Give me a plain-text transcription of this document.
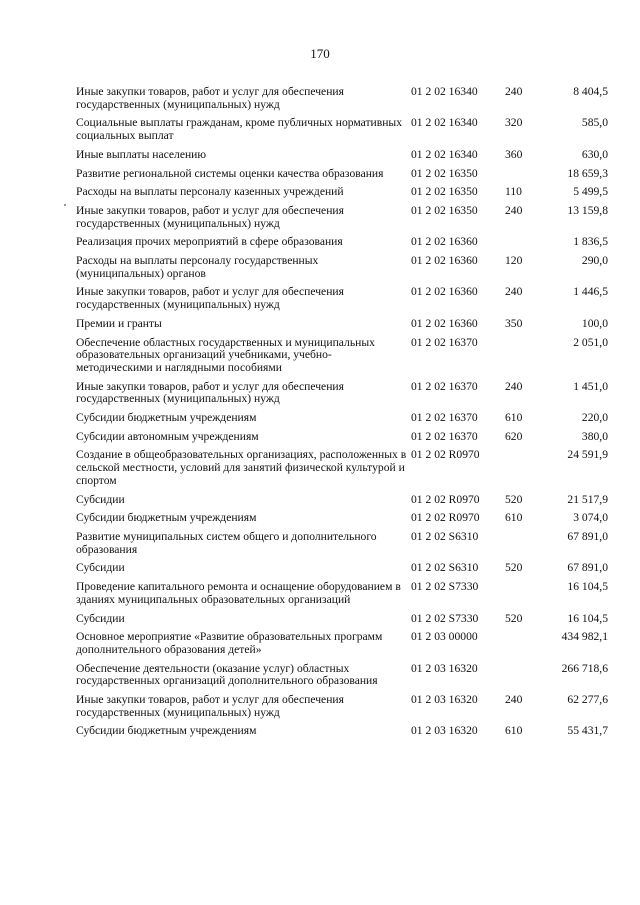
170
Иные закупки товаров, работ и услуг для обеспечения государственных (муниципальных) нужд	01 2 02 16340	240	8 404,5
Социальные выплаты гражданам, кроме публичных нормативных социальных выплат	01 2 02 16340	320	585,0
Иные выплаты населению	01 2 02 16340	360	630,0
Развитие региональной системы оценки качества образования	01 2 02 16350		18 659,3
Расходы на выплаты персоналу казенных учреждений	01 2 02 16350	110	5 499,5
Иные закупки товаров, работ и услуг для обеспечения государственных (муниципальных) нужд	01 2 02 16350	240	13 159,8
Реализация прочих мероприятий в сфере образования	01 2 02 16360		1 836,5
Расходы на выплаты персоналу государственных (муниципальных) органов	01 2 02 16360	120	290,0
Иные закупки товаров, работ и услуг для обеспечения государственных (муниципальных) нужд	01 2 02 16360	240	1 446,5
Премии и гранты	01 2 02 16360	350	100,0
Обеспечение областных государственных и муниципальных образовательных организаций учебниками, учебно-методическими и наглядными пособиями	01 2 02 16370		2 051,0
Иные закупки товаров, работ и услуг для обеспечения государственных (муниципальных) нужд	01 2 02 16370	240	1 451,0
Субсидии бюджетным учреждениям	01 2 02 16370	610	220,0
Субсидии автономным учреждениям	01 2 02 16370	620	380,0
Создание в общеобразовательных организациях, расположенных в сельской местности, условий для занятий физической культурой и спортом	01 2 02 R0970		24 591,9
Субсидии	01 2 02 R0970	520	21 517,9
Субсидии бюджетным учреждениям	01 2 02 R0970	610	3 074,0
Развитие муниципальных систем общего и дополнительного образования	01 2 02 S6310		67 891,0
Субсидии	01 2 02 S6310	520	67 891,0
Проведение капитального ремонта и оснащение оборудованием в зданиях муниципальных образовательных организаций	01 2 02 S7330		16 104,5
Субсидии	01 2 02 S7330	520	16 104,5
Основное мероприятие «Развитие образовательных программ дополнительного образования детей»	01 2 03 00000		434 982,1
Обеспечение деятельности (оказание услуг) областных государственных организаций дополнительного образования	01 2 03 16320		266 718,6
Иные закупки товаров, работ и услуг для обеспечения государственных (муниципальных) нужд	01 2 03 16320	240	62 277,6
Субсидии бюджетным учреждениям	01 2 03 16320	610	55 431,7
